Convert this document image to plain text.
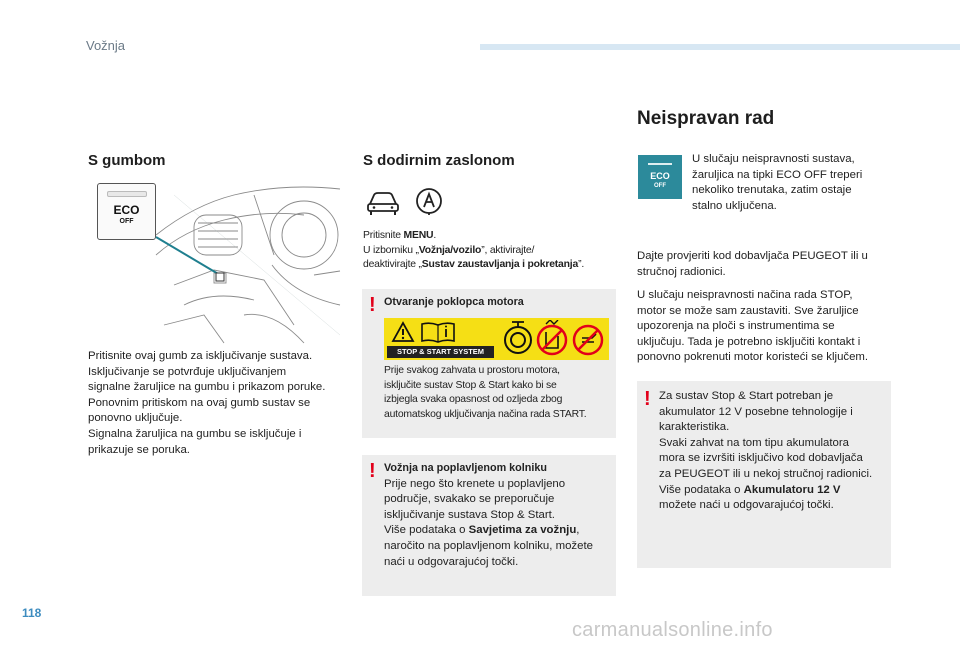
Vožnja
S gumbom
ECO
OFF
Pritisnite ovaj gumb za isključivanje sustava.
Isključivanje se potvrđuje uključivanjem
signalne žaruljice na gumbu i prikazom poruke.
Ponovnim pritiskom na ovaj gumb sustav se
ponovno uključuje.
Signalna žaruljica na gumbu se isključuje i
prikazuje se poruka.
S dodirnim zaslonom
Pritisnite MENU.
U izborniku „Vožnja/vozilo”, aktivirajte/
deaktivirajte „Sustav zaustavljanja i pokretanja”.
! Otvaranje poklopca motora
STOP & START SYSTEM
Prije svakog zahvata u prostoru motora,
isključite sustav Stop & Start kako bi se
izbjegla svaka opasnost od ozljeda zbog
automatskog uključivanja načina rada START.
! Vožnja na poplavljenom kolniku
Prije nego što krenete u poplavljeno
područje, svakako se preporučuje
isključivanje sustava Stop & Start.
Više podataka o Savjetima za vožnju,
naročito na poplavljenom kolniku, možete
naći u odgovarajućoj točki.
Neispravan rad
ECO
OFF
U slučaju neispravnosti sustava,
žaruljica na tipki ECO OFF treperi
nekoliko trenutaka, zatim ostaje
stalno uključena.
Dajte provjeriti kod dobavljača PEUGEOT ili u
stručnoj radionici.
U slučaju neispravnosti načina rada STOP,
motor se može sam zaustaviti. Sve žaruljice
upozorenja na ploči s instrumentima se
uključuju. Tada je potrebno isključiti kontakt i
ponovno pokrenuti motor koristeći se ključem.
! Za sustav Stop & Start potreban je
akumulator 12 V posebne tehnologije i
karakteristika.
Svaki zahvat na tom tipu akumulatora
mora se izvršiti isključivo kod dobavljača
za PEUGEOT ili u nekoj stručnoj radionici.
Više podataka o Akumulatoru 12 V
možete naći u odgovarajućoj točki.
118
carmanualsonline.info
